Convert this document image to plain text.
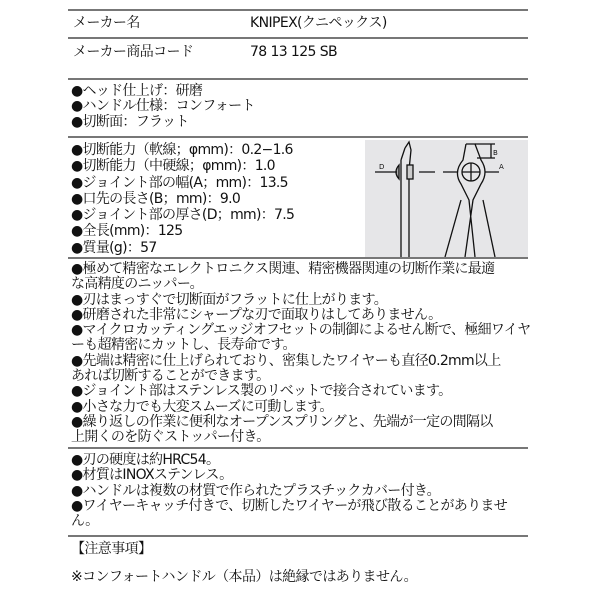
メーカー名	KNIPEX(クニペックス)
メーカー商品コード	78 13 125 SB
●ヘッド仕上げ：研磨
●ハンドル仕様：コンフォート
●切断面：フラット
●切断能力（軟線；φmm)：0.2−1.6
●切断能力（中硬線；φmm)：1.0
●ジョイント部の幅(A；mm)：13.5
●口先の長さ(B；mm)：9.0
●ジョイント部の厚さ(D；mm)：7.5
●全長(mm)：125
●質量(g)：57
B
A
D
●極めて精密なエレクトロニクス関連、精密機器関連の切断作業に最適
な高精度のニッパー。
●刃はまっすぐで切断面がフラットに仕上がります。
●研磨された非常にシャープな刃で面取りはしてありません。
●マイクロカッティングエッジオフセットの制御によるせん断で、極細ワイヤ
ーも超精密にカットし、長寿命です。
●先端は精密に仕上げられており、密集したワイヤーも直径0.2mm以上
あれば切断することができます。
●ジョイント部はステンレス製のリベットで接合されています。
●小さな力でも大変スムーズに可動します。
●繰り返しの作業に便利なオープンスプリングと、先端が一定の間隔以
上開くのを防ぐストッパー付き。
●刃の硬度は約HRC54。
●材質はINOXステンレス。
●ハンドルは複数の材質で作られたプラスチックカバー付き。
●ワイヤーキャッチ付きで、切断したワイヤーが飛び散ることがありませ
ん。
【注意事項】
※コンフォートハンドル（本品）は絶縁ではありません。
